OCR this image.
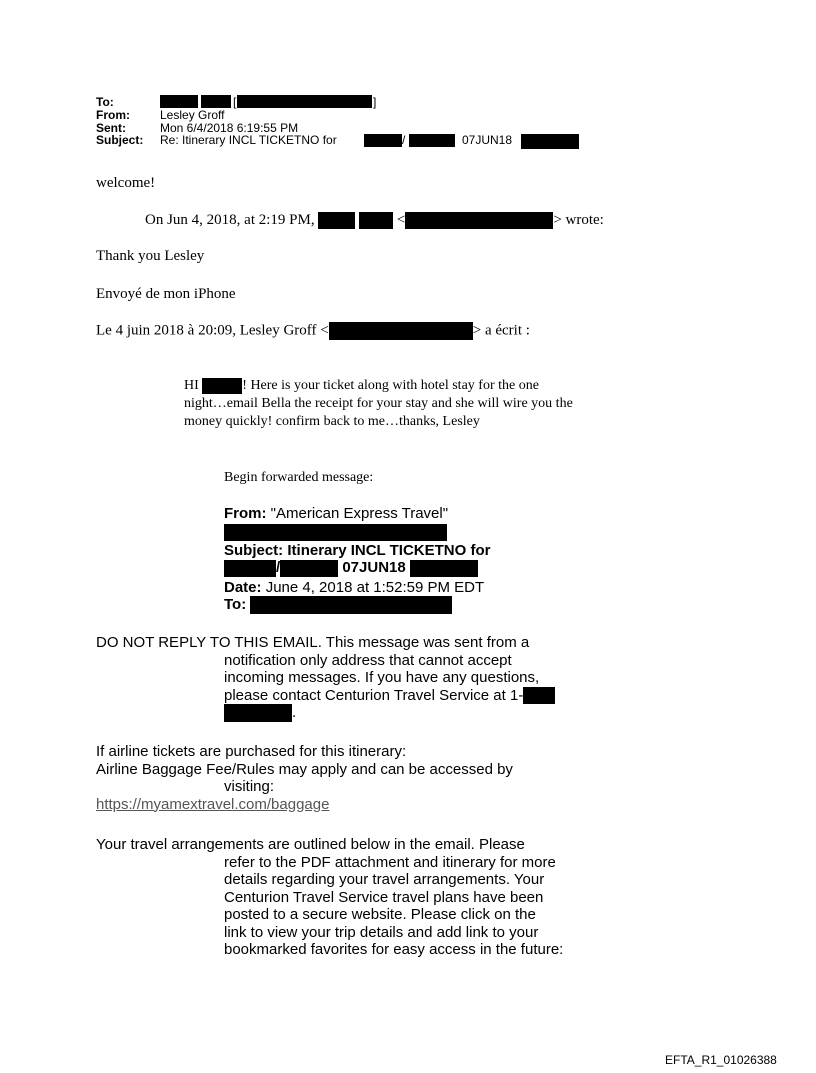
To:	[	]
From:	Lesley Groff
Sent:	Mon 6/4/2018 6:19:55 PM
Subject: Re: Itinerary INCL TICKETNO for	/	07JUN18
welcome!
On Jun 4, 2018, at 2:19 PM,	<	> wrote:
Thank you Lesley
Envoyé de mon iPhone
Le 4 juin 2018 à 20:09, Lesley Groff <	> a écrit :
HI	! Here is your ticket along with hotel stay for the one
night…email Bella the receipt for your stay and she will wire you the
money quickly! confirm back to me…thanks, Lesley
Begin forwarded message:
From: "American Express Travel"
Subject: Itinerary INCL TICKETNO for
/	07JUN18
Date: June 4, 2018 at 1:52:59 PM EDT
To:
DO NOT REPLY TO THIS EMAIL. This message was sent from a
notification only address that cannot accept
incoming messages. If you have any questions,
please contact Centurion Travel Service at 1-
.
If airline tickets are purchased for this itinerary:
Airline Baggage Fee/Rules may apply and can be accessed by
visiting:
https://myamextravel.com/baggage
Your travel arrangements are outlined below in the email. Please
refer to the PDF attachment and itinerary for more
details regarding your travel arrangements. Your
Centurion Travel Service travel plans have been
posted to a secure website. Please click on the
link to view your trip details and add link to your
bookmarked favorites for easy access in the future:
EFTA_R1_01026388
